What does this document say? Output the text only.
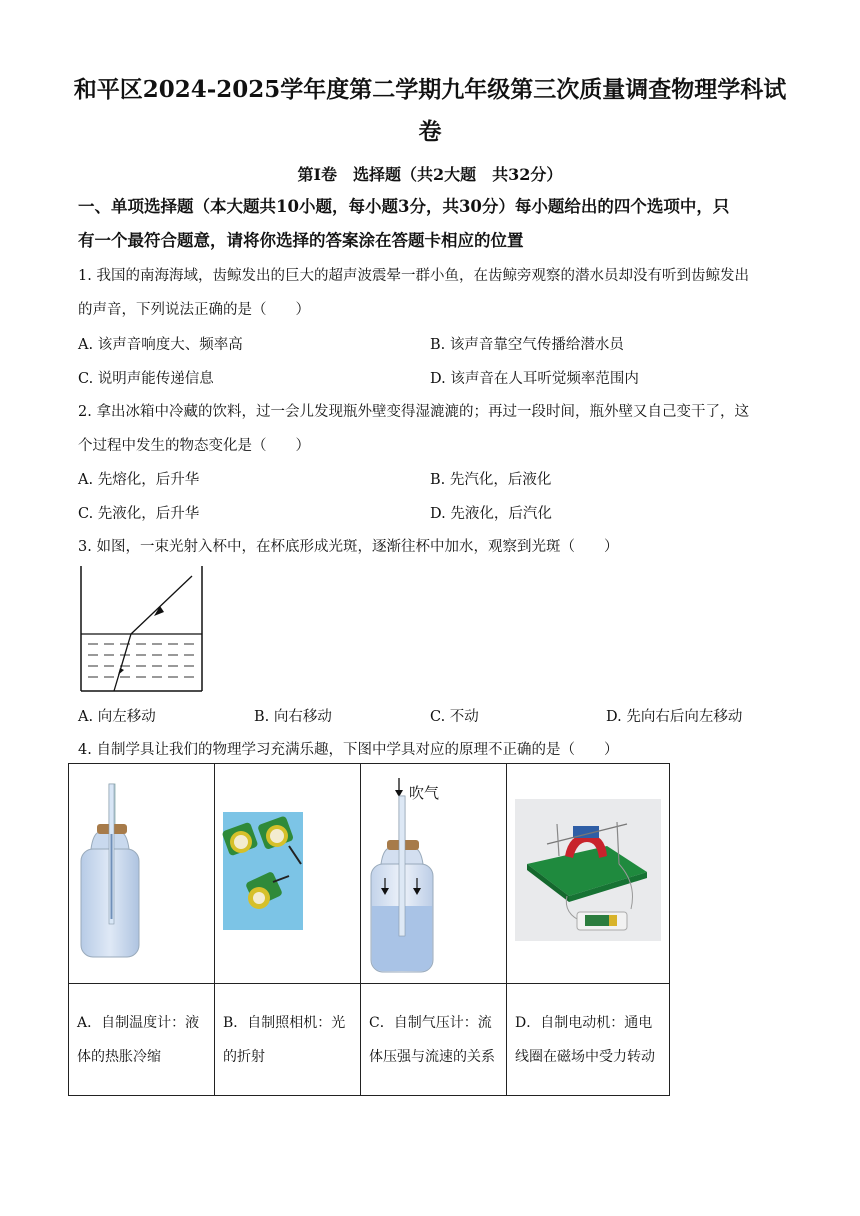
和平区2024-2025学年度第二学期九年级第三次质量调查物理学科试
卷
第Ⅰ卷　选择题（共2大题　共32分）
一、单项选择题（本大题共10小题，每小题3分，共30分）每小题给出的四个选项中，只
有一个最符合题意，请将你选择的答案涂在答题卡相应的位置
1. 我国的南海海域，齿鲸发出的巨大的超声波震晕一群小鱼，在齿鲸旁观察的潜水员却没有听到齿鲸发出
的声音，下列说法正确的是（　　）
A. 该声音响度大、频率高	B. 该声音靠空气传播给潜水员
C. 说明声能传递信息	D. 该声音在人耳听觉频率范围内
2. 拿出冰箱中冷藏的饮料，过一会儿发现瓶外壁变得湿漉漉的；再过一段时间，瓶外壁又自己变干了，这
个过程中发生的物态变化是（　　）
A. 先熔化，后升华	B. 先汽化，后液化
C. 先液化，后升华	D. 先液化，后汽化
3. 如图，一束光射入杯中，在杯底形成光斑，逐渐往杯中加水，观察到光斑（　　）
A. 向左移动	B. 向右移动	C. 不动	D. 先向右后向左移动
4. 自制学具让我们的物理学习充满乐趣，下图中学具对应的原理不正确的是（　　）

吹气

A．自制温度计：液体的热胀冷缩	B．自制照相机：光的折射	C．自制气压计：流体压强与流速的关系	D．自制电动机：通电线圈在磁场中受力转动
